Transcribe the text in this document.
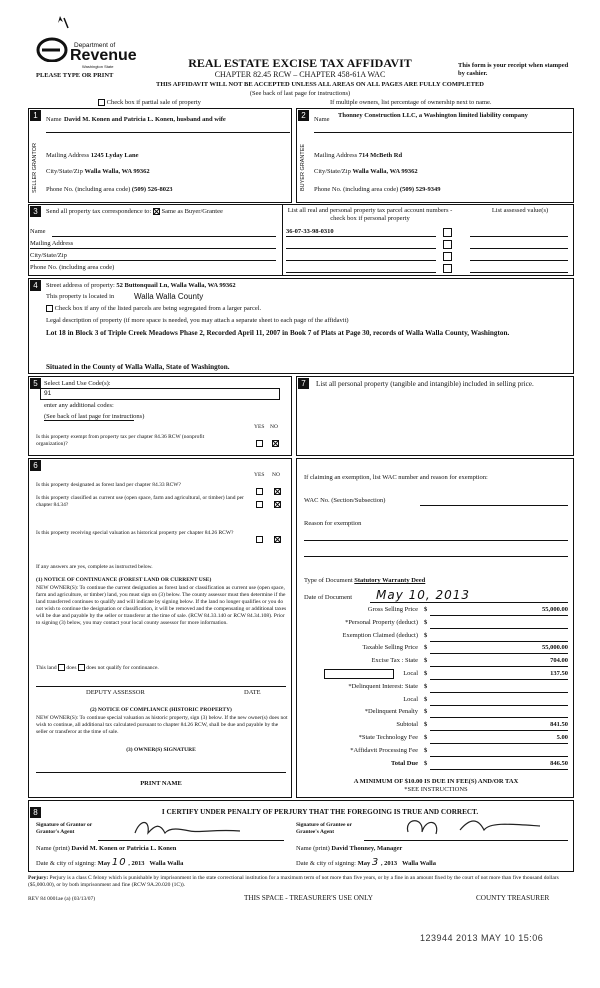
Department of
Revenue
Washington State
PLEASE TYPE OR PRINT
REAL ESTATE EXCISE TAX AFFIDAVIT
CHAPTER 82.45 RCW – CHAPTER 458-61A WAC
This form is your receipt when stamped by cashier.
THIS AFFIDAVIT WILL NOT BE ACCEPTED UNLESS ALL AREAS ON ALL PAGES ARE FULLY COMPLETED
(See back of last page for instructions)
Check box if partial sale of property	If multiple owners, list percentage of ownership next to name.
1	2
Name David M. Konen and Patricia L. Konen, husband and wife
SELLER GRANTOR Mailing Address 1245 Lyday Lane
City/State/Zip Walla Walla, WA 99362
Phone No. (including area code) (509) 526-8023
Name
Thonney Construction LLC, a Washington limited liability company
BUYER GRANTEE Mailing Address 714 McBeth Rd
City/State/Zip Walla Walla, WA 99362
Phone No. (including area code) (509) 529-9349
3	Send all property tax correspondence to: Same as Buyer/Grantee	List all real and personal property tax parcel account numbers - check box if personal property
List assessed value(s)
Name
Mailing Address
City/State/Zip
Phone No. (including area code)
36-07-33-98-0310
4	Street address of property: 52 Buttonquail Ln, Walla Walla, WA 99362
This property is located in Walla Walla County
Check box if any of the listed parcels are being segregated from a larger parcel.
Legal description of property (if more space is needed, you may attach a separate sheet to each page of the affidavit)
Lot 18 in Block 3 of Triple Creek Meadows Phase 2, Recorded April 11, 2007 in Book 7 of Plats at Page 30, records of Walla Walla County, Washington.
Situated in the County of Walla Walla, State of Washington.
5 Select Land Use Code(s):
91
enter any additional codes:
(See back of last page for instructions)
YES NO
Is this property exempt from property tax per chapter 84.36 RCW (nonprofit organization)?
7	List all personal property (tangible and intangible) included in selling price.
6
YES NO
Is this property designated as forest land per chapter 84.33 RCW?
Is this property classified as current use (open space, farm and agricultural, or timber) land per chapter 84.34?
Is this property receiving special valuation as historical property per chapter 84.26 RCW?
If any answers are yes, complete as instructed below.
(1) NOTICE OF CONTINUANCE (FOREST LAND OR CURRENT USE)
NEW OWNER(S): To continue the current designation as forest land or classification as current use (open space, farm and agriculture, or timber) land, you must sign on (3) below. The county assessor must then determine if the land transferred continues to qualify and will indicate by signing below. If the land no longer qualifies or you do not wish to continue the designation or classification, it will be removed and the compensating or additional taxes will be due and payable by the seller or transferor at the time of sale. (RCW 84.33.140 or RCW 84.34.108). Prior to signing (3) below, you may contact your local county assessor for more information.
This land does does not qualify for continuance.
DEPUTY ASSESSOR	DATE
(2) NOTICE OF COMPLIANCE (HISTORIC PROPERTY)
NEW OWNER(S): To continue special valuation as historic property, sign (3) below. If the new owner(s) does not wish to continue, all additional tax calculated pursuant to chapter 84.26 RCW, shall be due and payable by the seller or transferor at the time of sale.
(3) OWNER(S) SIGNATURE
PRINT NAME
If claiming an exemption, list WAC number and reason for exemption:
WAC No. (Section/Subsection)
Reason for exemption
Type of Document Statutory Warranty Deed
Date of Document May 10, 2013
Gross Selling Price $	55,000.00
*Personal Property (deduct) $
Exemption Claimed (deduct) $
Taxable Selling Price $	55,000.00
Excise Tax : State $	704.00
Local $	137.50
*Delinquent Interest: State $
Local $
*Delinquent Penalty $
Subtotal $	841.50
*State Technology Fee $	5.00
*Affidavit Processing Fee $
Total Due $	846.50
A MINIMUM OF $10.00 IS DUE IN FEE(S) AND/OR TAX
*SEE INSTRUCTIONS
8	I CERTIFY UNDER PENALTY OF PERJURY THAT THE FOREGOING IS TRUE AND CORRECT.
Signature of Grantor or Grantor's Agent
Signature of Grantee or Grantee's Agent
Name (print) David M. Konen or Patricia L. Konen	Name (print) David Thonney, Manager
Date & city of signing: May 10 , 2013 Walla Walla	Date & city of signing: May 3 , 2013 Walla Walla
Perjury: Perjury is a class C felony which is punishable by imprisonment in the state correctional institution for a maximum term of not more than five years, or by a fine in an amount fixed by the court of not more than five thousand dollars ($5,000.00), or by both imprisonment and fine (RCW 9A.20.020 (1C)).
REV 84 0001ae (a) (03/13/07)	THIS SPACE - TREASURER'S USE ONLY	COUNTY TREASURER
123944 2013 MAY 10 15:06
